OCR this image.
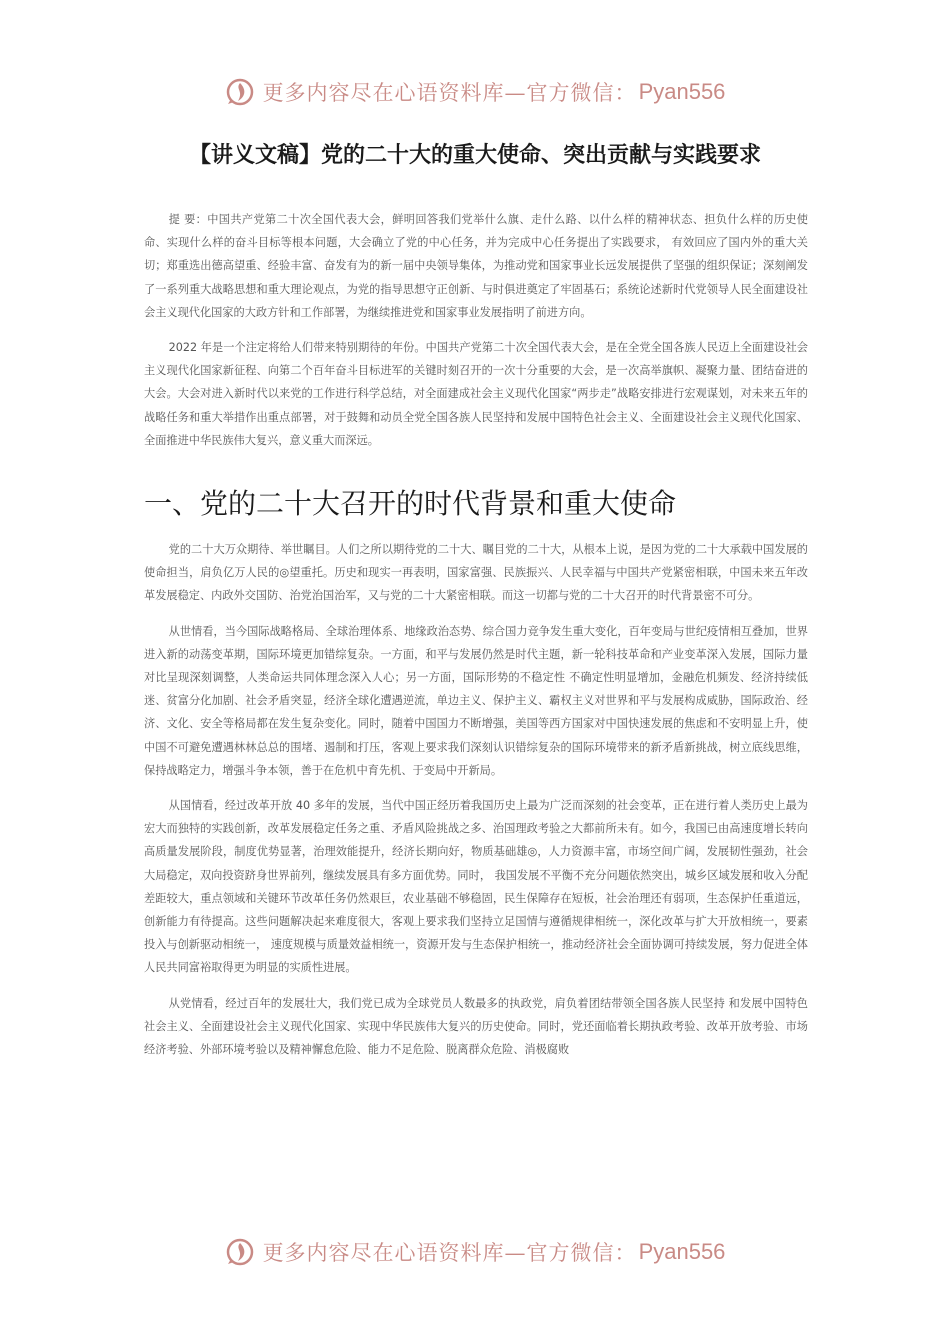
更多内容尽在心语资料库—官方微信： Pyan556
【讲义文稿】党的二十大的重大使命、突出贡献与实践要求

提 要：中国共产党第二十次全国代表大会，鲜明回答我们党举什么旗、走什么路、以什么样的精神状态、担负什么样的历史使命、实现什么样的奋斗目标等根本问题，大会确立了党的中心任务，并为完成中心任务提出了实践要求， 有效回应了国内外的重大关切；郑重选出德高望重、经验丰富、奋发有为的新一届中央领导集体，为推动党和国家事业长远发展提供了坚强的组织保证；深刻阐发了一系列重大战略思想和重大理论观点，为党的指导思想守正创新、与时俱进奠定了牢固基石；系统论述新时代党领导人民全面建设社会主义现代化国家的大政方针和工作部署，为继续推进党和国家事业发展指明了前进方向。

2022 年是一个注定将给人们带来特别期待的年份。中国共产党第二十次全国代表大会，是在全党全国各族人民迈上全面建设社会主义现代化国家新征程、向第二个百年奋斗目标进军的关键时刻召开的一次十分重要的大会，是一次高举旗帜、凝聚力量、团结奋进的大会。大会对进入新时代以来党的工作进行科学总结，对全面建成社会主义现代化国家“两步走”战略安排进行宏观谋划，对未来五年的战略任务和重大举措作出重点部署，对于鼓舞和动员全党全国各族人民坚持和发展中国特色社会主义、全面建设社会主义现代化国家、全面推进中华民族伟大复兴，意义重大而深远。

一、党的二十大召开的时代背景和重大使命

党的二十大万众期待、举世瞩目。人们之所以期待党的二十大、瞩目党的二十大，从根本上说，是因为党的二十大承载中国发展的使命担当，肩负亿万人民的◎望重托。历史和现实一再表明，国家富强、民族振兴、人民幸福与中国共产党紧密相联，中国未来五年改革发展稳定、内政外交国防、治党治国治军，又与党的二十大紧密相联。而这一切都与党的二十大召开的时代背景密不可分。

从世情看，当今国际战略格局、全球治理体系、地缘政治态势、综合国力竞争发生重大变化，百年变局与世纪疫情相互叠加，世界进入新的动荡变革期，国际环境更加错综复杂。一方面，和平与发展仍然是时代主题，新一轮科技革命和产业变革深入发展，国际力量对比呈现深刻调整，人类命运共同体理念深入人心；另一方面，国际形势的不稳定性 不确定性明显增加，金融危机频发、经济持续低迷、贫富分化加剧、社会矛盾突显，经济全球化遭遇逆流，单边主义、保护主义、霸权主义对世界和平与发展构成威胁，国际政治、经济、文化、安全等格局都在发生复杂变化。同时，随着中国国力不断增强，美国等西方国家对中国快速发展的焦虑和不安明显上升，使中国不可避免遭遇林林总总的围堵、遏制和打压，客观上要求我们深刻认识错综复杂的国际环境带来的新矛盾新挑战，树立底线思维，保持战略定力，增强斗争本领，善于在危机中育先机、于变局中开新局。

从国情看，经过改革开放 40 多年的发展，当代中国正经历着我国历史上最为广泛而深刻的社会变革，正在进行着人类历史上最为宏大而独特的实践创新，改革发展稳定任务之重、矛盾风险挑战之多、治国理政考验之大都前所未有。如今，我国已由高速度增长转向高质量发展阶段，制度优势显著，治理效能提升，经济长期向好，物质基础雄◎，人力资源丰富，市场空间广阔，发展韧性强劲，社会大局稳定，双向投资跻身世界前列，继续发展具有多方面优势。同时， 我国发展不平衡不充分问题依然突出，城乡区域发展和收入分配差距较大，重点领域和关键环节改革任务仍然艰巨，农业基础不够稳固，民生保障存在短板，社会治理还有弱项，生态保护任重道远，创新能力有待提高。这些问题解决起来难度很大，客观上要求我们坚持立足国情与遵循规律相统一，深化改革与扩大开放相统一，要素投入与创新驱动相统一， 速度规模与质量效益相统一，资源开发与生态保护相统一，推动经济社会全面协调可持续发展，努力促进全体人民共同富裕取得更为明显的实质性进展。

从党情看，经过百年的发展壮大，我们党已成为全球党员人数最多的执政党，肩负着团结带领全国各族人民坚持 和发展中国特色社会主义、全面建设社会主义现代化国家、实现中华民族伟大复兴的历史使命。同时，党还面临着长期执政考验、改革开放考验、市场经济考验、外部环境考验以及精神懈怠危险、能力不足危险、脱离群众危险、消极腐败

更多内容尽在心语资料库—官方微信： Pyan556
